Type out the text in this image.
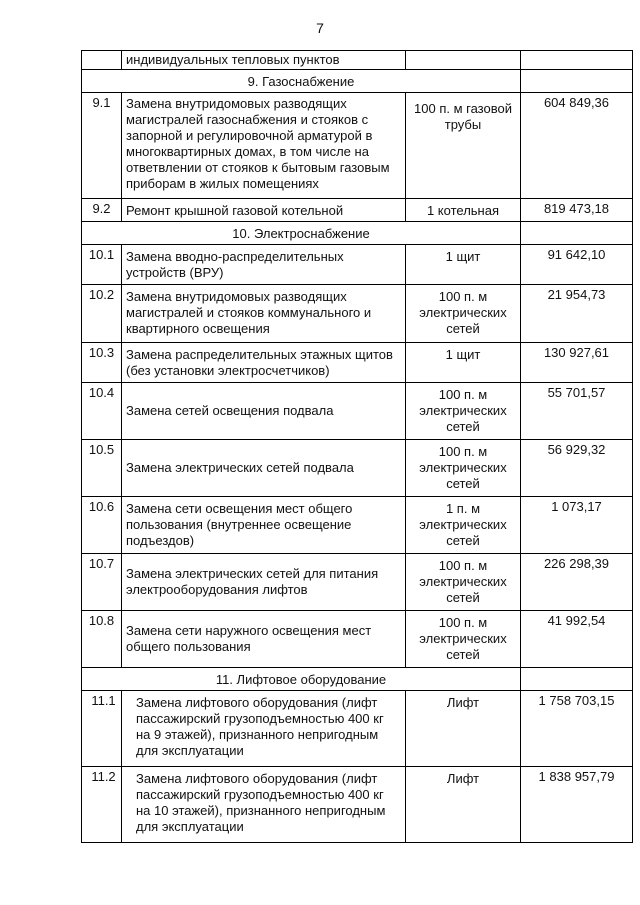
7
	индивидуальных тепловых пунктов		
9. Газоснабжение			
9.1	Замена внутридомовых разводящих магистралей газоснабжения и стояков с запорной и регулировочной арматурой в многоквартирных домах, в том числе на ответвлении от стояков к бытовым газовым приборам в жилых помещениях	100 п. м газовой трубы	604 849,36
9.2	Ремонт крышной газовой котельной	1 котельная	819 473,18
10. Электроснабжение			
10.1	Замена вводно-распределительных устройств (ВРУ)	1 щит	91 642,10
10.2	Замена внутридомовых разводящих магистралей и стояков коммунального и квартирного освещения	100 п. м электрических сетей	21 954,73
10.3	Замена распределительных этажных щитов (без установки электросчетчиков)	1 щит	130 927,61
10.4	Замена сетей освещения подвала	100 п. м электрических сетей	55 701,57
10.5	Замена электрических сетей подвала	100 п. м электрических сетей	56 929,32
10.6	Замена сети освещения мест общего пользования (внутреннее освещение подъездов)	1 п. м электрических сетей	1 073,17
10.7	Замена электрических сетей для питания электрооборудования лифтов	100 п. м электрических сетей	226 298,39
10.8	Замена сети наружного освещения мест общего пользования	100 п. м электрических сетей	41 992,54
11. Лифтовое оборудование			
11.1	Замена лифтового оборудования (лифт пассажирский грузоподъемностью 400 кг на 9 этажей), признанного непригодным для эксплуатации	Лифт	1 758 703,15
11.2	Замена лифтового оборудования (лифт пассажирский грузоподъемностью 400 кг на 10 этажей), признанного непригодным для эксплуатации	Лифт	1 838 957,79
